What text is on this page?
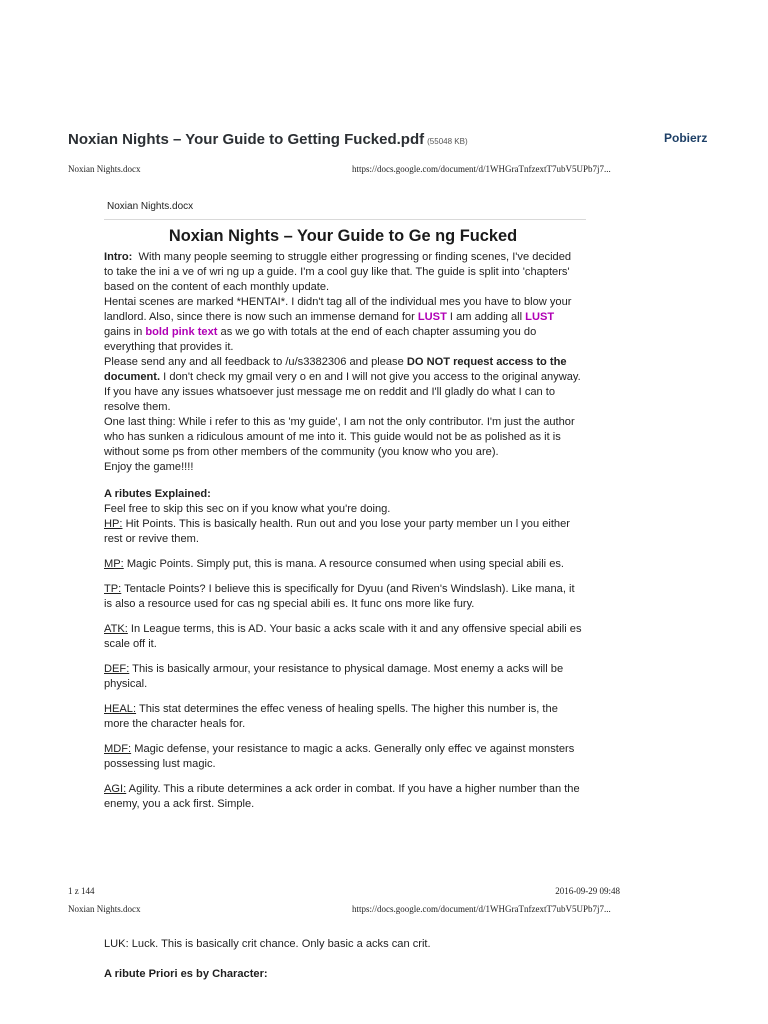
Noxian Nights – Your Guide to Getting Fucked.pdf (55048 KB)	Pobierz
Noxian Nights.docx	https://docs.google.com/document/d/1WHGraTnfzextT7ubV5UPb7j7...
Noxian Nights.docx

Noxian Nights – Your Guide to Ge ng Fucked

Intro: With many people seeming to struggle either progressing or finding scenes, I've decided to take the ini a ve of wri ng up a guide. I'm a cool guy like that. The guide is split into 'chapters' based on the content of each monthly update.

Hentai scenes are marked *HENTAI*. I didn't tag all of the individual mes you have to blow your landlord. Also, since there is now such an immense demand for LUST I am adding all LUST gains in bold pink text as we go with totals at the end of each chapter assuming you do everything that provides it.

Please send any and all feedback to /u/s3382306 and please DO NOT request access to the document. I don't check my gmail very o en and I will not give you access to the original anyway. If you have any issues whatsoever just message me on reddit and I'll gladly do what I can to resolve them.

One last thing: While i refer to this as 'my guide', I am not the only contributor. I'm just the author who has sunken a ridiculous amount of me into it. This guide would not be as polished as it is without some ps from other members of the community (you know who you are).

Enjoy the game!!!!

A ributes Explained:

Feel free to skip this sec on if you know what you're doing.

HP: Hit Points. This is basically health. Run out and you lose your party member un l you either rest or revive them.

MP: Magic Points. Simply put, this is mana. A resource consumed when using special abili es.

TP: Tentacle Points? I believe this is specifically for Dyuu (and Riven's Windslash). Like mana, it is also a resource used for cas ng special abili es. It func ons more like fury.

ATK: In League terms, this is AD. Your basic a acks scale with it and any offensive special abili es scale off it.

DEF: This is basically armour, your resistance to physical damage. Most enemy a acks will be physical.

HEAL: This stat determines the effec veness of healing spells. The higher this number is, the more the character heals for.

MDF: Magic defense, your resistance to magic a acks. Generally only effec ve against monsters possessing lust magic.

AGI: Agility. This a ribute determines a ack order in combat. If you have a higher number than the enemy, you a ack first. Simple.

1 z 144	2016-09-29 09:48
Noxian Nights.docx	https://docs.google.com/document/d/1WHGraTnfzextT7ubV5UPb7j7...

LUK: Luck. This is basically crit chance. Only basic a acks can crit.

A ribute Priori es by Character:
